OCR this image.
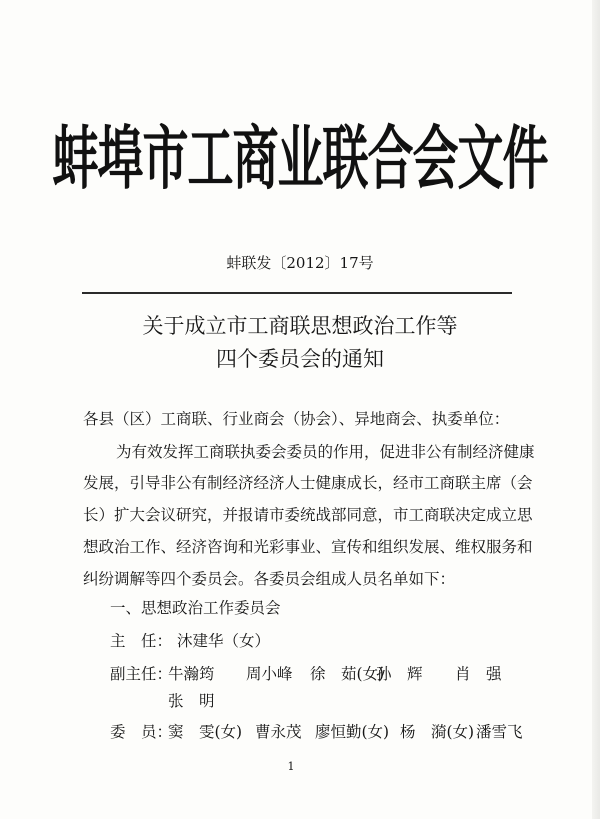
蚌埠市工商业联合会文件
蚌联发〔2012〕17号
关于成立市工商联思想政治工作等
四个委员会的通知
各县（区）工商联、行业商会（协会）、异地商会、执委单位：
为有效发挥工商联执委会委员的作用，促进非公有制经济健康
发展，引导非公有制经济经济人士健康成长，经市工商联主席（会
长）扩大会议研究，并报请市委统战部同意，市工商联决定成立思
想政治工作、经济咨询和光彩事业、宣传和组织发展、维权服务和
纠纷调解等四个委员会。各委员会组成人员名单如下：
一、思想政治工作委员会
主　任： 沐建华（女）
副主任：
牛瀚筠 周小峰 徐　茹(女)
孙　辉 肖　强
张　明
委　员：
窦　雯(女) 曹永茂 廖恒勤(女) 杨　漪(女) 潘雪飞
1
